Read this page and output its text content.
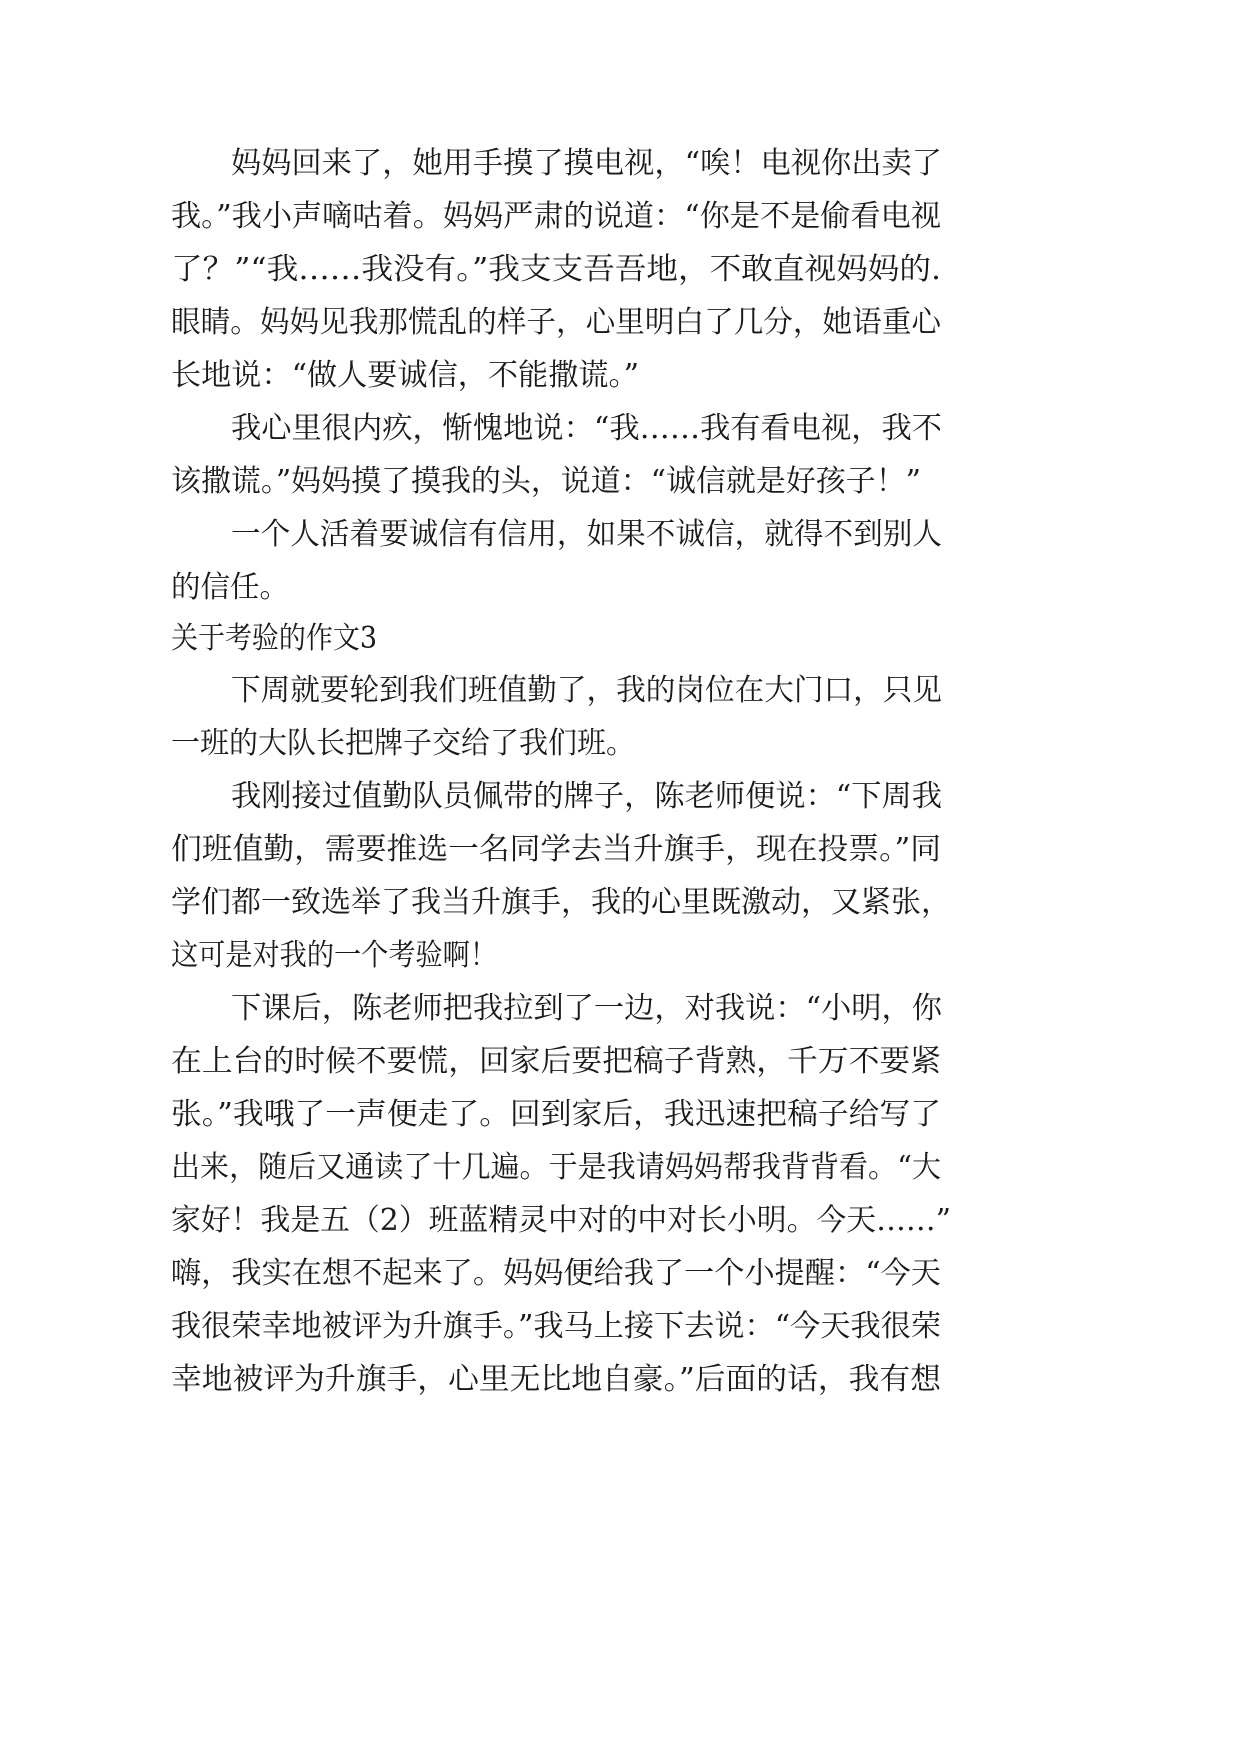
妈妈回来了，她用手摸了摸电视，“唉！电视你出卖了

我。”我小声嘀咕着。妈妈严肃的说道：“你是不是偷看电视

了？”“我……我没有。”我支支吾吾地，不敢直视妈妈的.

眼睛。妈妈见我那慌乱的样子，心里明白了几分，她语重心

长地说：“做人要诚信，不能撒谎。”

我心里很内疚，惭愧地说：“我……我有看电视，我不

该撒谎。”妈妈摸了摸我的头，说道：“诚信就是好孩子！”

一个人活着要诚信有信用，如果不诚信，就得不到别人

的信任。

关于考验的作文3

下周就要轮到我们班值勤了，我的岗位在大门口，只见

一班的大队长把牌子交给了我们班。

我刚接过值勤队员佩带的牌子，陈老师便说：“下周我

们班值勤，需要推选一名同学去当升旗手，现在投票。”同

学们都一致选举了我当升旗手，我的心里既激动，又紧张，

这可是对我的一个考验啊！

下课后，陈老师把我拉到了一边，对我说：“小明，你

在上台的时候不要慌，回家后要把稿子背熟，千万不要紧

张。”我哦了一声便走了。回到家后，我迅速把稿子给写了

出来，随后又通读了十几遍。于是我请妈妈帮我背背看。“大

家好！我是五（2）班蓝精灵中对的中对长小明。今天……”

嗨，我实在想不起来了。妈妈便给我了一个小提醒：“今天

我很荣幸地被评为升旗手。”我马上接下去说：“今天我很荣

幸地被评为升旗手，心里无比地自豪。”后面的话，我有想
